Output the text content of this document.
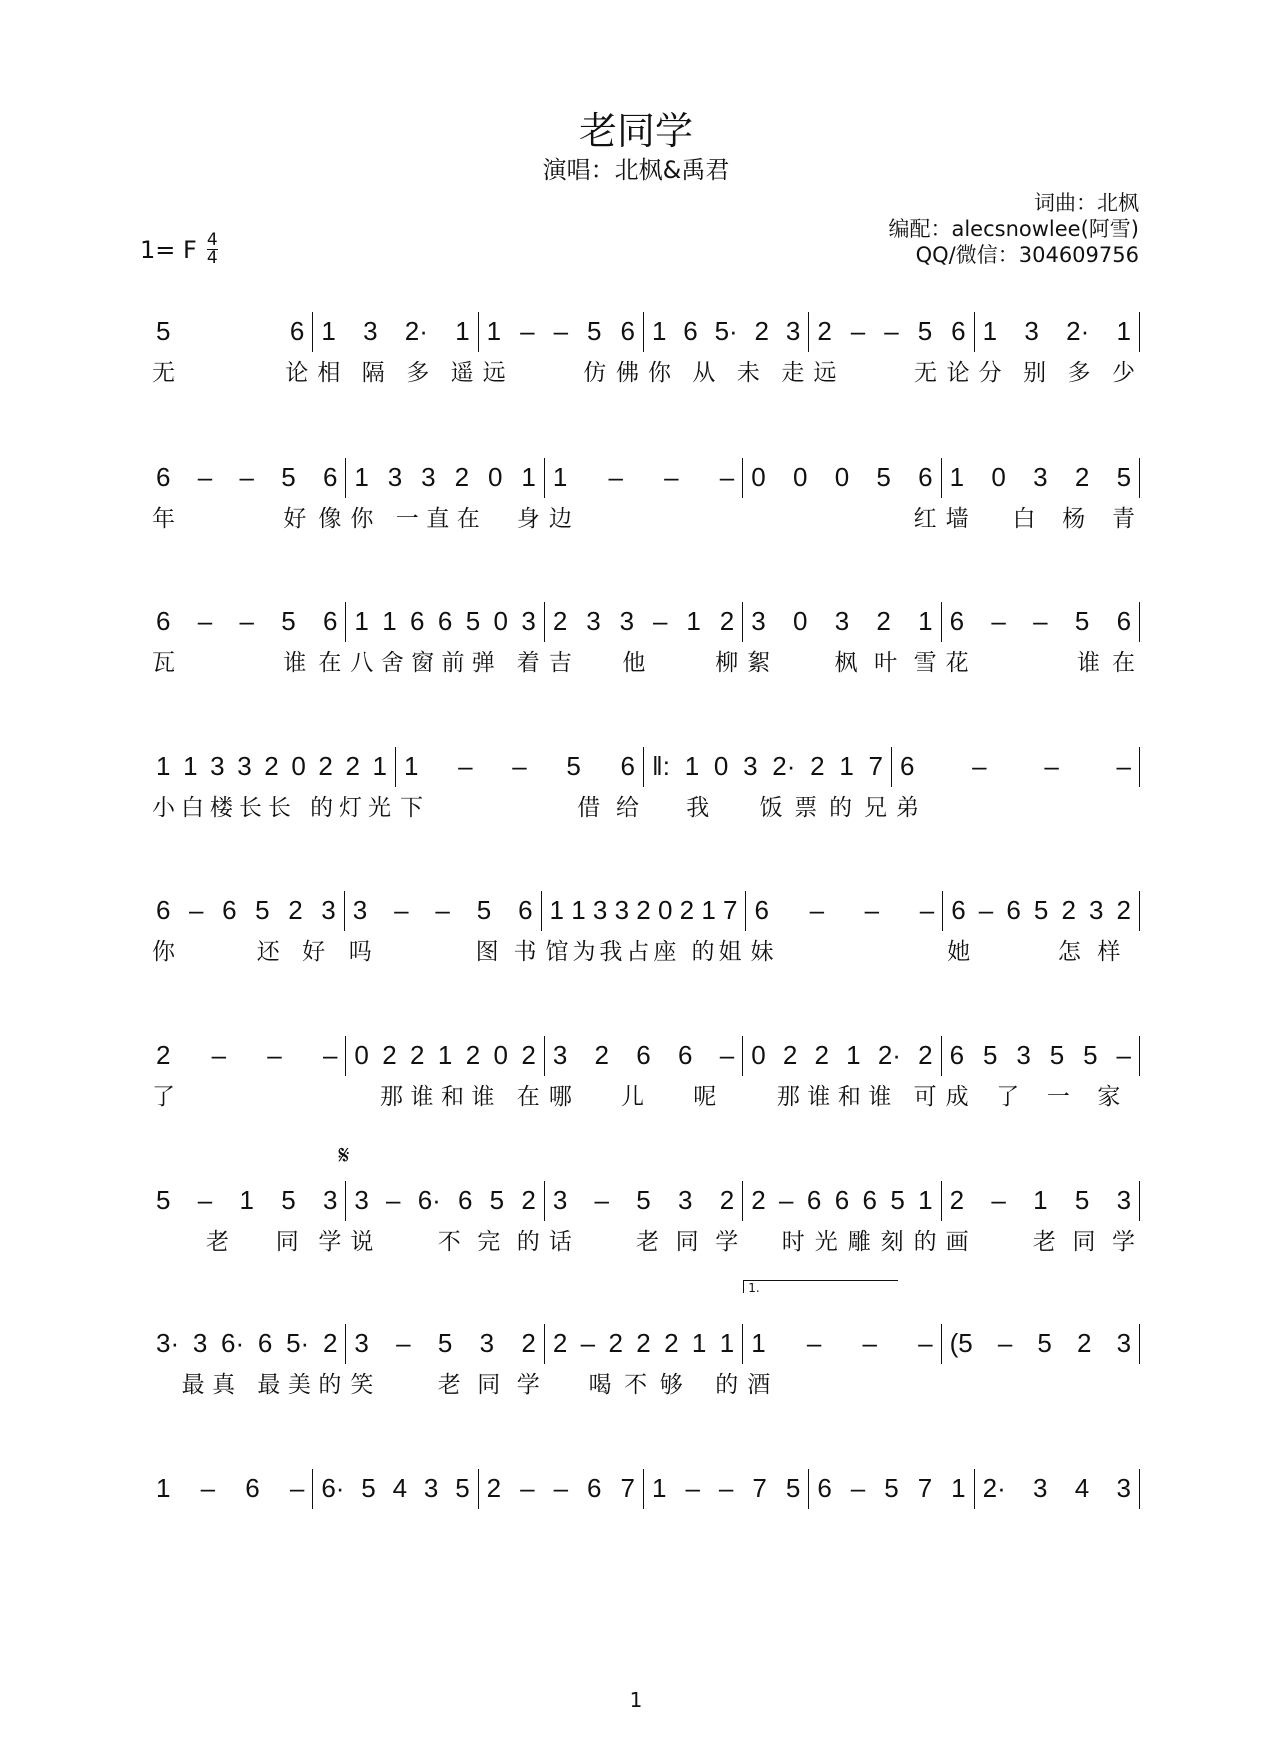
老同学
演唱：北枫&禹君
词曲：北枫
编配：alecsnowlee(阿雪)
QQ/微信：304609756
1= F $\frac{4}{4}$
5 6
无论
1 3 2· 1
相 隔 多 遥
1 – – 5 6
远    仿佛
1 6 5· 2 3
你 从 未 走
2 – – 5 6
远    无论
1 3 2· 1
分 别 多 少
6 – – 5 6
年     好像
1 3 3 2 0 1
你 一直在  身
1 – – –
边
0 0 0 5 6
红
1 0 3 2 5
墙  白 杨 青
6 – – 5 6
瓦     谁在
1 1 6 6 5 0 3
八舍窗前弹 着
2 3 3 – 1 2
吉  他   柳
3 0 3 2 1
絮  枫叶雪
6 – – 5 6
花     谁在
1 1 3 3 2 0 2 2 1
小白楼长长 的灯光
1 – – 5 6
下      借给
‖: 1 0 3 2· 2 1 7
我  饭票的兄
6 – – –
弟
6 – 6 5 2 3
你  还好
3 – – 5 6
吗    图书
1 1 3 3 2 0 2 1 7
馆为我占座 的姐
6 – – –
妹
6 – 6 5 2 3 2
她   怎样
2 – – –
了
0 2 2 1 2 0 2
那谁和谁 在
3 2 6 6 –
哪儿呢
0 2 2 1 2· 2
那谁和谁 可
6 5 3 5 5 –
成了一家
5 – 1 5 3
老 同学
𝄋
3 – 6· 6 5 2
说  不完的
3 – 5 3 2
话  老同学
2 – 6 6 6 5 1
时光雕刻的
2 – 1 5 3
画  老同学
3· 3 6· 6 5· 2
最真 最美的
3 – 5 3 2
笑  老同学
2 – 2 2 2 1 1
喝不够 的
1.
1 – – –
酒
(5 – 5 2 3
1 – 6 – 6· 5 4 3 5 2 – – 6 7 1 – – 7 5 6 – 5 7 1 2· 3 4 3
1
